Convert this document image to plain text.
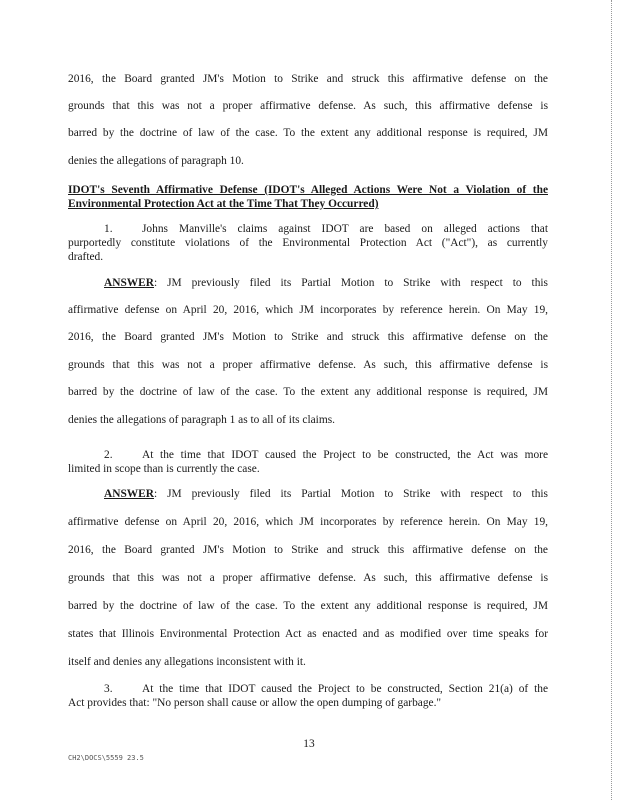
2016, the Board granted JM's Motion to Strike and struck this affirmative defense on the
grounds that this was not a proper affirmative defense. As such, this affirmative defense is
barred by the doctrine of law of the case. To the extent any additional response is required, JM
denies the allegations of paragraph 10.
IDOT's Seventh Affirmative Defense (IDOT's Alleged Actions Were Not a Violation of the
Environmental Protection Act at the Time That They Occurred)
1.	Johns Manville's claims against IDOT are based on alleged actions that
purportedly constitute violations of the Environmental Protection Act ("Act"), as currently
drafted.
ANSWER: JM previously filed its Partial Motion to Strike with respect to this
affirmative defense on April 20, 2016, which JM incorporates by reference herein. On May 19,
2016, the Board granted JM's Motion to Strike and struck this affirmative defense on the
grounds that this was not a proper affirmative defense. As such, this affirmative defense is
barred by the doctrine of law of the case. To the extent any additional response is required, JM
denies the allegations of paragraph 1 as to all of its claims.
2.	At the time that IDOT caused the Project to be constructed, the Act was more
limited in scope than is currently the case.
ANSWER: JM previously filed its Partial Motion to Strike with respect to this
affirmative defense on April 20, 2016, which JM incorporates by reference herein. On May 19,
2016, the Board granted JM's Motion to Strike and struck this affirmative defense on the
grounds that this was not a proper affirmative defense. As such, this affirmative defense is
barred by the doctrine of law of the case. To the extent any additional response is required, JM
states that Illinois Environmental Protection Act as enacted and as modified over time speaks for
itself and denies any allegations inconsistent with it.
3.	At the time that IDOT caused the Project to be constructed, Section 21(a) of the
Act provides that: "No person shall cause or allow the open dumping of garbage."
13
CH2\DOCS\5559 23.5
